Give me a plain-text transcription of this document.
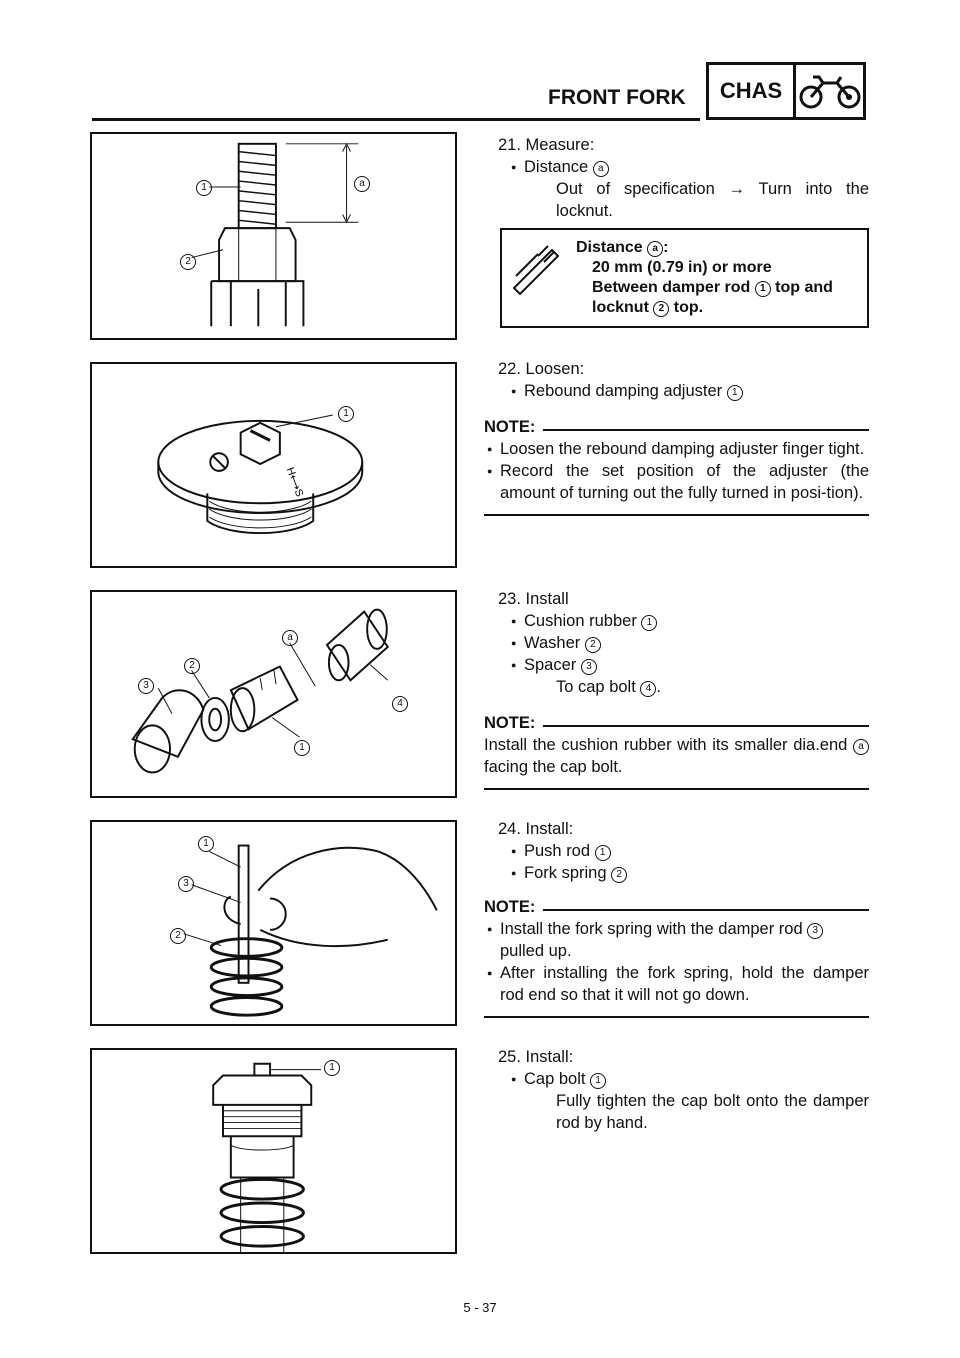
FRONT FORK	CHAS
1
2
a
21. Measure:
● Distance a
Out of specification → Turn into the locknut.
Distance a :
20 mm (0.79 in) or more
Between damper rod 1 top and
locknut 2 top.
H⟷S
1
22. Loosen:
● Rebound damping adjuster 1
NOTE:
● Loosen the rebound damping adjuster finger tight.
● Record the set position of the adjuster (the amount of turning out the fully turned in posi-tion).
3
2
a
1
4
23. Install
● Cushion rubber 1
● Washer 2
● Spacer 3
To cap bolt 4 .
NOTE:
Install the cushion rubber with its smaller dia.end a facing the cap bolt.
1
3
2
24. Install:
● Push rod 1
● Fork spring 2
NOTE:
● Install the fork spring with the damper rod 3 pulled up.
● After installing the fork spring, hold the damper rod end so that it will not go down.
1
25. Install:
● Cap bolt 1
Fully tighten the cap bolt onto the damper rod by hand.
5 - 37
